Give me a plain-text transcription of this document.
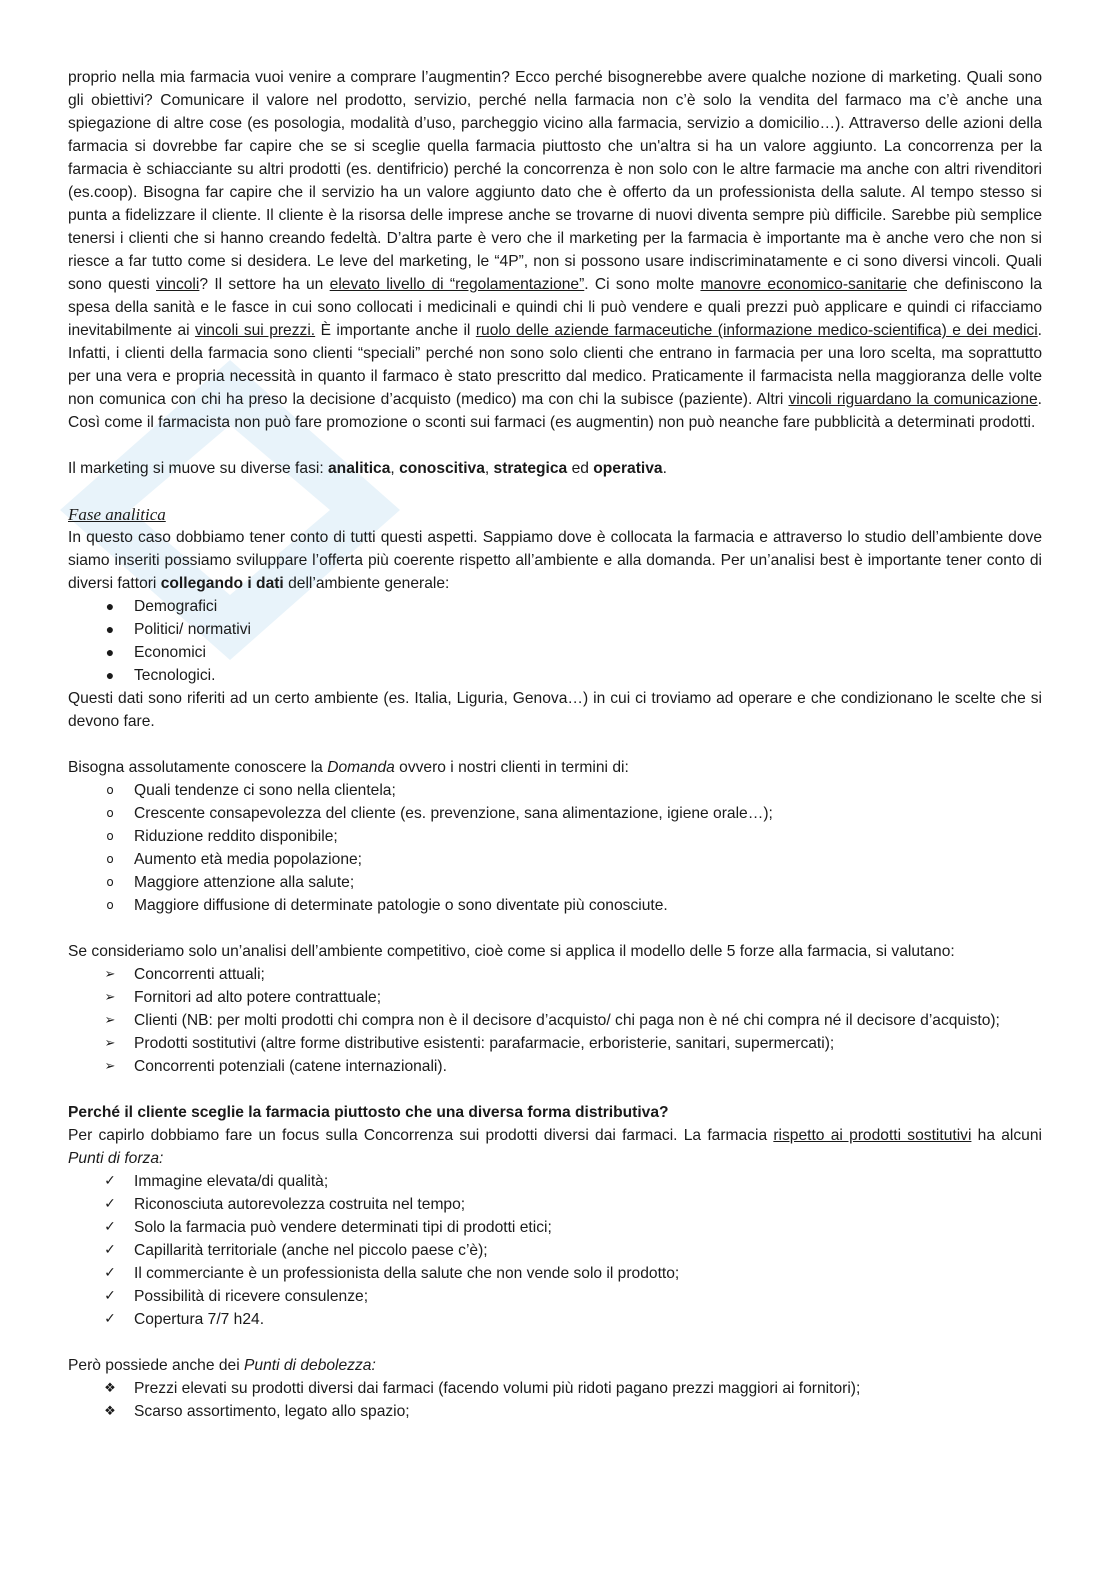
proprio nella mia farmacia vuoi venire a comprare l’augmentin? Ecco perché bisognerebbe avere qualche nozione di marketing. Quali sono gli obiettivi? Comunicare il valore nel prodotto, servizio, perché nella farmacia non c’è solo la vendita del farmaco ma c’è anche una spiegazione di altre cose (es posologia, modalità d’uso, parcheggio vicino alla farmacia, servizio a domicilio…). Attraverso delle azioni della farmacia si dovrebbe far capire che se si sceglie quella farmacia piuttosto che un'altra si ha un valore aggiunto. La concorrenza per la farmacia è schiacciante su altri prodotti (es. dentifricio) perché la concorrenza è non solo con le altre farmacie ma anche con altri rivenditori (es.coop). Bisogna far capire che il servizio ha un valore aggiunto dato che è offerto da un professionista della salute. Al tempo stesso si punta a fidelizzare il cliente. Il cliente è la risorsa delle imprese anche se trovarne di nuovi diventa sempre più difficile. Sarebbe più semplice tenersi i clienti che si hanno creando fedeltà. D’altra parte è vero che il marketing per la farmacia è importante ma è anche vero che non si riesce a far tutto come si desidera. Le leve del marketing, le “4P”, non si possono usare indiscriminatamente e ci sono diversi vincoli. Quali sono questi vincoli? Il settore ha un elevato livello di “regolamentazione”. Ci sono molte manovre economico-sanitarie che definiscono la spesa della sanità e le fasce in cui sono collocati i medicinali e quindi chi li può vendere e quali prezzi può applicare e quindi ci rifacciamo inevitabilmente ai vincoli sui prezzi. È importante anche il ruolo delle aziende farmaceutiche (informazione medico-scientifica) e dei medici. Infatti, i clienti della farmacia sono clienti “speciali” perché non sono solo clienti che entrano in farmacia per una loro scelta, ma soprattutto per una vera e propria necessità in quanto il farmaco è stato prescritto dal medico. Praticamente il farmacista nella maggioranza delle volte non comunica con chi ha preso la decisione d’acquisto (medico) ma con chi la subisce (paziente). Altri vincoli riguardano la comunicazione. Così come il farmacista non può fare promozione o sconti sui farmaci (es augmentin) non può neanche fare pubblicità a determinati prodotti.

Il marketing si muove su diverse fasi: analitica, conoscitiva, strategica ed operativa.

Fase analitica

In questo caso dobbiamo tener conto di tutti questi aspetti. Sappiamo dove è collocata la farmacia e attraverso lo studio dell’ambiente dove siamo inseriti possiamo sviluppare l’offerta più coerente rispetto all’ambiente e alla domanda. Per un’analisi best è importante tener conto di diversi fattori collegando i dati dell’ambiente generale:

●	Demografici
●	Politici/ normativi
●	Economici
●	Tecnologici.

Questi dati sono riferiti ad un certo ambiente (es. Italia, Liguria, Genova…) in cui ci troviamo ad operare e che condizionano le scelte che si devono fare.

Bisogna assolutamente conoscere la Domanda ovvero i nostri clienti in termini di:

o	Quali tendenze ci sono nella clientela;
o	Crescente consapevolezza del cliente (es. prevenzione, sana alimentazione, igiene orale…);
o	Riduzione reddito disponibile;
o	Aumento età media popolazione;
o	Maggiore attenzione alla salute;
o	Maggiore diffusione di determinate patologie o sono diventate più conosciute.

Se consideriamo solo un’analisi dell’ambiente competitivo, cioè come si applica il modello delle 5 forze alla farmacia, si valutano:

➢	Concorrenti attuali;
➢	Fornitori ad alto potere contrattuale;
➢	Clienti (NB: per molti prodotti chi compra non è il decisore d’acquisto/ chi paga non è né chi compra né il decisore d’acquisto);
➢	Prodotti sostitutivi (altre forme distributive esistenti: parafarmacie, erboristerie, sanitari, supermercati);
➢	Concorrenti potenziali (catene internazionali).

Perché il cliente sceglie la farmacia piuttosto che una diversa forma distributiva?

Per capirlo dobbiamo fare un focus sulla Concorrenza sui prodotti diversi dai farmaci. La farmacia rispetto ai prodotti sostitutivi ha alcuni Punti di forza:

✓	Immagine elevata/di qualità;
✓	Riconosciuta autorevolezza costruita nel tempo;
✓	Solo la farmacia può vendere determinati tipi di prodotti etici;
✓	Capillarità territoriale (anche nel piccolo paese c’è);
✓	Il commerciante è un professionista della salute che non vende solo il prodotto;
✓	Possibilità di ricevere consulenze;
✓	Copertura 7/7 h24.

Però possiede anche dei Punti di debolezza:

❖	Prezzi elevati su prodotti diversi dai farmaci (facendo volumi più ridoti pagano prezzi maggiori ai fornitori);
❖	Scarso assortimento, legato allo spazio;
